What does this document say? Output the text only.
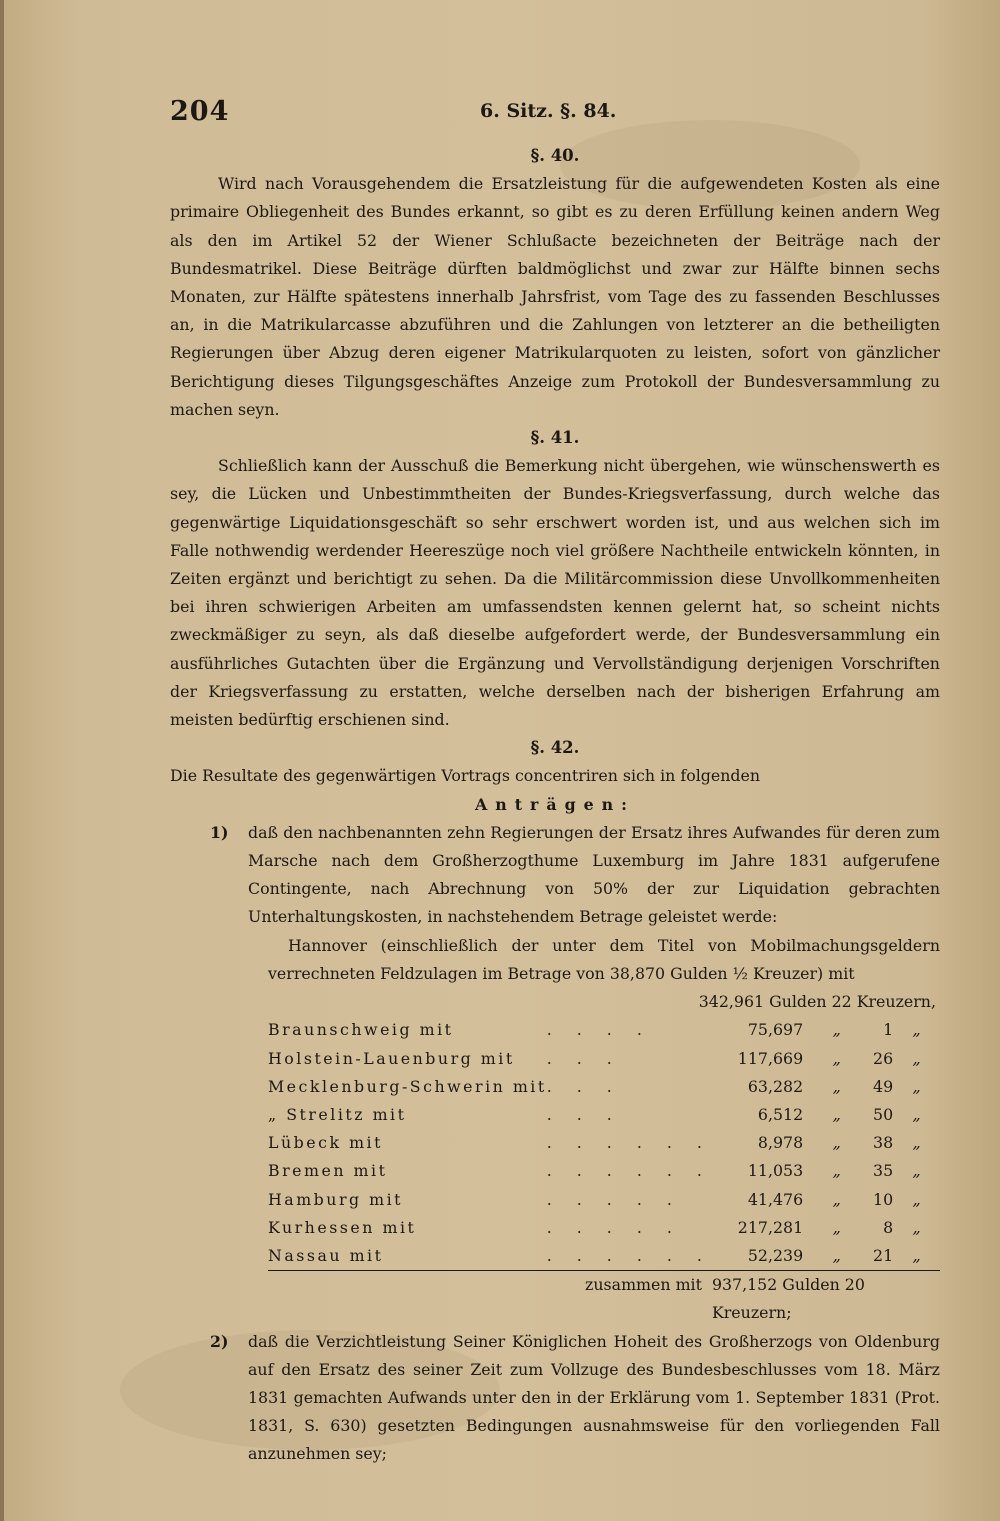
204	6. Sitz. §. 84.
§. 40.

Wird nach Vorausgehendem die Ersatzleistung für die aufgewendeten Kosten als eine primaire Obliegenheit des Bundes erkannt, so gibt es zu deren Erfüllung keinen andern Weg als den im Artikel 52 der Wiener Schlußacte bezeichneten der Beiträge nach der Bundesmatrikel. Diese Beiträge dürften baldmöglichst und zwar zur Hälfte binnen sechs Monaten, zur Hälfte spätestens innerhalb Jahrsfrist, vom Tage des zu fassenden Beschlusses an, in die Matrikularcasse abzuführen und die Zahlungen von letzterer an die betheiligten Regierungen über Abzug deren eigener Matrikularquoten zu leisten, sofort von gänzlicher Berichtigung dieses Tilgungsgeschäftes Anzeige zum Protokoll der Bundesversammlung zu machen seyn.

§. 41.

Schließlich kann der Ausschuß die Bemerkung nicht übergehen, wie wünschenswerth es sey, die Lücken und Unbestimmtheiten der Bundes-Kriegsverfassung, durch welche das gegenwärtige Liquidationsgeschäft so sehr erschwert worden ist, und aus welchen sich im Falle nothwendig werdender Heereszüge noch viel größere Nachtheile entwickeln könnten, in Zeiten ergänzt und berichtigt zu sehen. Da die Militärcommission diese Unvollkommenheiten bei ihren schwierigen Arbeiten am umfassendsten kennen gelernt hat, so scheint nichts zweckmäßiger zu seyn, als daß dieselbe aufgefordert werde, der Bundesversammlung ein ausführliches Gutachten über die Ergänzung und Vervollständigung derjenigen Vorschriften der Kriegsverfassung zu erstatten, welche derselben nach der bisherigen Erfahrung am meisten bedürftig erschienen sind.

§. 42.
Die Resultate des gegenwärtigen Vortrags concentriren sich in folgenden
Anträgen:
1) daß den nachbenannten zehn Regierungen der Ersatz ihres Aufwandes für deren zum Marsche nach dem Großherzogthume Luxemburg im Jahre 1831 aufgerufene Contingente, nach Abrechnung von 50% der zur Liquidation gebrachten Unterhaltungskosten, in nachstehendem Betrage geleistet werde:
Hannover (einschließlich der unter dem Titel von Mobilmachungsgeldern verrechneten Feldzulagen im Betrage von 38,870 Gulden ½ Kreuzer) mit
342,961 Gulden 22 Kreuzern,
Braunschweig mit	. . . .	75,697	„	1	„
Holstein-Lauenburg mit	. . .	117,669	„	26	„
Mecklenburg-Schwerin mit	. . .	63,282	„	49	„
„ Strelitz mit	. . .	6,512	„	50	„
Lübeck mit	. . . . . .	8,978	„	38	„
Bremen mit	. . . . . .	11,053	„	35	„
Hamburg mit	. . . . .	41,476	„	10	„
Kurhessen mit	. . . . .	217,281	„	8	„
Nassau mit	. . . . . .	52,239	„	21	„
zusammen mit		937,152 Gulden 20 Kreuzern;			
2) daß die Verzichtleistung Seiner Königlichen Hoheit des Großherzogs von Oldenburg auf den Ersatz des seiner Zeit zum Vollzuge des Bundesbeschlusses vom 18. März 1831 gemachten Aufwands unter den in der Erklärung vom 1. September 1831 (Prot. 1831, S. 630) gesetzten Bedingungen ausnahmsweise für den vorliegenden Fall anzunehmen sey;
